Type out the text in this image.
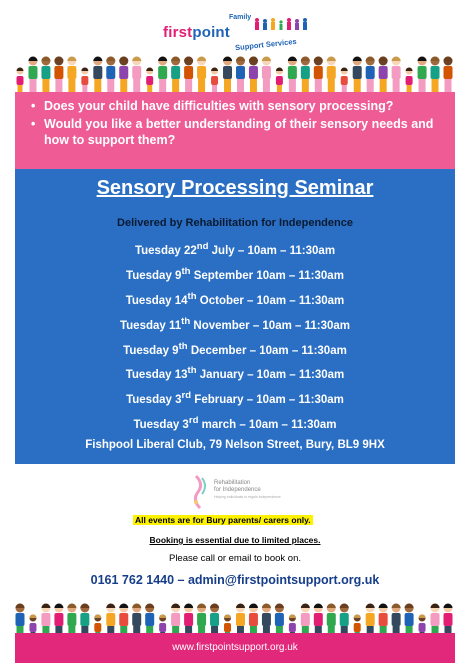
firstpoint
Family
Support Services
• Does your child have difficulties with sensory processing?
• Would you like a better understanding of their sensory needs and how to support them?
Sensory Processing Seminar
Delivered by Rehabilitation for Independence
Tuesday 22nd July – 10am – 11:30am
Tuesday 9th September 10am – 11:30am
Tuesday 14th October – 10am – 11:30am
Tuesday 11th November – 10am – 11:30am
Tuesday 9th December – 10am – 11:30am
Tuesday 13th January – 10am – 11:30am
Tuesday 3rd February – 10am – 11:30am
Tuesday 3rd march – 10am – 11:30am
Fishpool Liberal Club, 79 Nelson Street, Bury, BL9 9HX
Rehabilitation
for Independence
Helping individuals to regain independence
All events are for Bury parents/ carers only.
Booking is essential due to limited places.
Please call or email to book on.
0161 762 1440 – admin@firstpointsupport.org.uk
www.firstpointsupport.org.uk
